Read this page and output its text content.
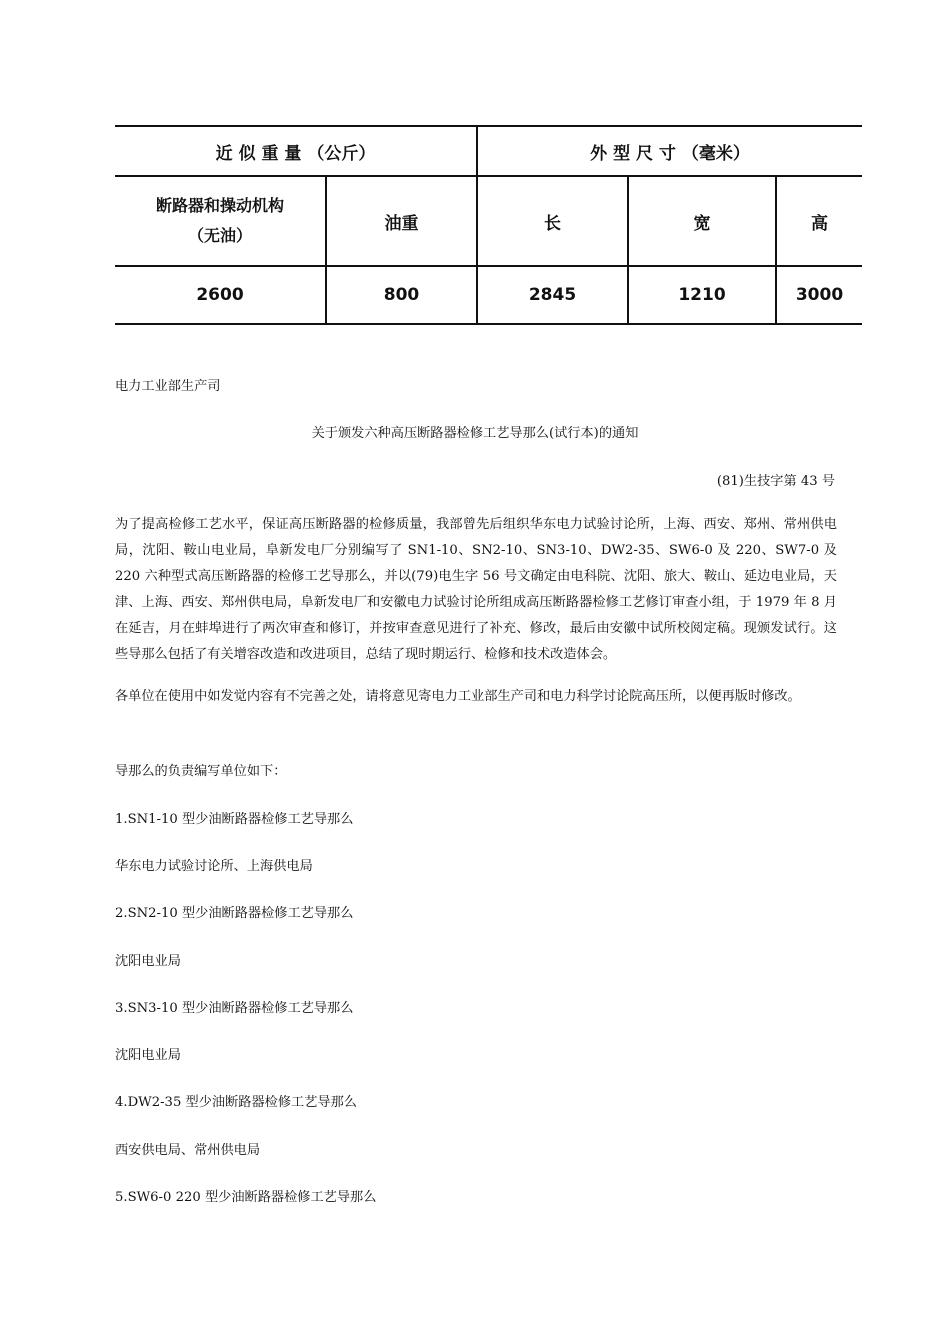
近 似 重 量 （公斤）		外 型 尺 寸 （毫米）		

断路器和操动机构
（无油）	油重	长	宽	高
2600	800	2845	1210	3000
电力工业部生产司
关于颁发六种高压断路器检修工艺导那么(试行本)的通知
(81)生技字第 43 号
为了提高检修工艺水平，保证高压断路器的检修质量，我部曾先后组织华东电力试验讨论所，上海、西安、郑州、常州供电局，沈阳、鞍山电业局，阜新发电厂分别编写了 SN1-10、SN2-10、SN3-10、DW2-35、SW6-0 及 220、SW7-0 及 220 六种型式高压断路器的检修工艺导那么，并以(79)电生字 56 号文确定由电科院、沈阳、旅大、鞍山、延边电业局，天津、上海、西安、郑州供电局，阜新发电厂和安徽电力试验讨论所组成高压断路器检修工艺修订审查小组，于 1979 年 8 月在延吉，月在蚌埠进行了两次审查和修订，并按审查意见进行了补充、修改，最后由安徽中试所校阅定稿。现颁发试行。这些导那么包括了有关增容改造和改进项目，总结了现时期运行、检修和技术改造体会。
各单位在使用中如发觉内容有不完善之处，请将意见寄电力工业部生产司和电力科学讨论院高压所，以便再版时修改。
导那么的负责编写单位如下：
1.SN1-10 型少油断路器检修工艺导那么
华东电力试验讨论所、上海供电局
2.SN2-10 型少油断路器检修工艺导那么
沈阳电业局
3.SN3-10 型少油断路器检修工艺导那么
沈阳电业局
4.DW2-35 型少油断路器检修工艺导那么
西安供电局、常州供电局
5.SW6-0 220 型少油断路器检修工艺导那么
